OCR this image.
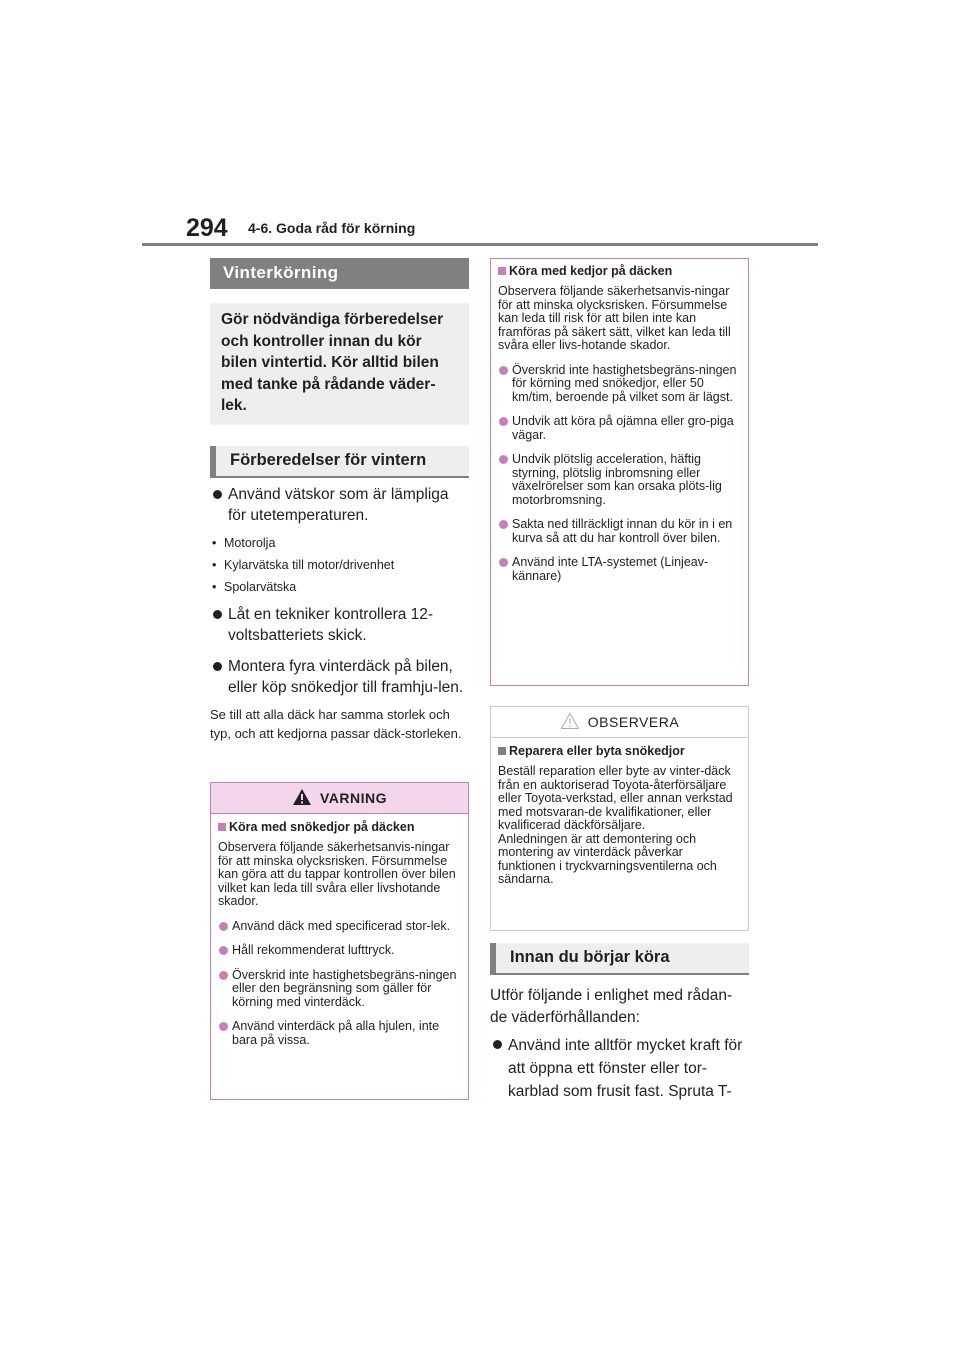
294 4-6. Goda råd för körning
Vinterkörning
Gör nödvändiga förberedelser och kontroller innan du kör bilen vintertid. Kör alltid bilen med tanke på rådande väder-lek.
Förberedelser för vintern
Använd vätskor som är lämpliga för utetemperaturen.
• Motorolja
• Kylarvätska till motor/drivenhet
• Spolarvätska
Låt en tekniker kontrollera 12-voltsbatteriets skick.
Montera fyra vinterdäck på bilen, eller köp snökedjor till framhju-len.
Se till att alla däck har samma storlek och typ, och att kedjorna passar däck-storleken.
VARNING
Köra med snökedjor på däcken
Observera följande säkerhetsanvis-ningar för att minska olycksrisken. Försummelse kan göra att du tappar kontrollen över bilen vilket kan leda till svåra eller livshotande skador.
Använd däck med specificerad stor-lek.
Håll rekommenderat lufttryck.
Överskrid inte hastighetsbegräns-ningen eller den begränsning som gäller för körning med vinterdäck.
Använd vinterdäck på alla hjulen, inte bara på vissa.
Köra med kedjor på däcken
Observera följande säkerhetsanvis-ningar för att minska olycksrisken. Försummelse kan leda till risk för att bilen inte kan framföras på säkert sätt, vilket kan leda till svåra eller livs-hotande skador.
Överskrid inte hastighetsbegräns-ningen för körning med snökedjor, eller 50 km/tim, beroende på vilket som är lägst.
Undvik att köra på ojämna eller gro-piga vägar.
Undvik plötslig acceleration, häftig styrning, plötslig inbromsning eller växelrörelser som kan orsaka plöts-lig motorbromsning.
Sakta ned tillräckligt innan du kör in i en kurva så att du har kontroll över bilen.
Använd inte LTA-systemet (Linjeav-kännare)
OBSERVERA
Reparera eller byta snökedjor
Beställ reparation eller byte av vinter-däck från en auktoriserad Toyota-återförsäljare eller Toyota-verkstad, eller annan verkstad med motsvaran-de kvalifikationer, eller kvalificerad däckförsäljare.
Anledningen är att demontering och montering av vinterdäck påverkar funktionen i tryckvarningsventilerna och sändarna.
Innan du börjar köra
Utför följande i enlighet med rådan-de väderförhållanden:
Använd inte alltför mycket kraft för att öppna ett fönster eller tor-karblad som frusit fast. Spruta T-
